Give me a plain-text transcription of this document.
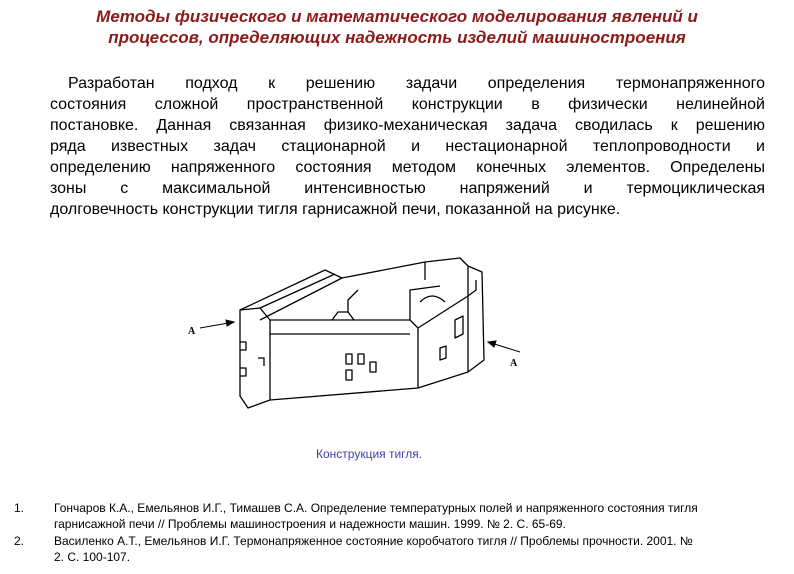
Методы физического и математического моделирования явлений и
процессов, определяющих надежность изделий машиностроения
Разработан подход к решению задачи определения термонапряженного
состояния сложной пространственной конструкции в физически нелинейной
постановке. Данная связанная физико-механическая задача сводилась к решению
ряда известных задач стационарной и нестационарной теплопроводности и
определению напряженного состояния методом конечных элементов. Определены
зоны с максимальной интенсивностью напряжений и термоциклическая
долговечность конструкции тигля гарнисажной печи, показанной на рисунке.
A
A
Конструкция тигля.
1. Гончаров К.А., Емельянов И.Г., Тимашев С.А. Определение температурных полей и напряженного состояния тигля
гарнисажной печи // Проблемы машиностроения и надежности машин. 1999. № 2. С. 65-69.
2. Василенко А.Т., Емельянов И.Г. Термонапряженное состояние коробчатого тигля // Проблемы прочности. 2001. №
2. С. 100-107.
